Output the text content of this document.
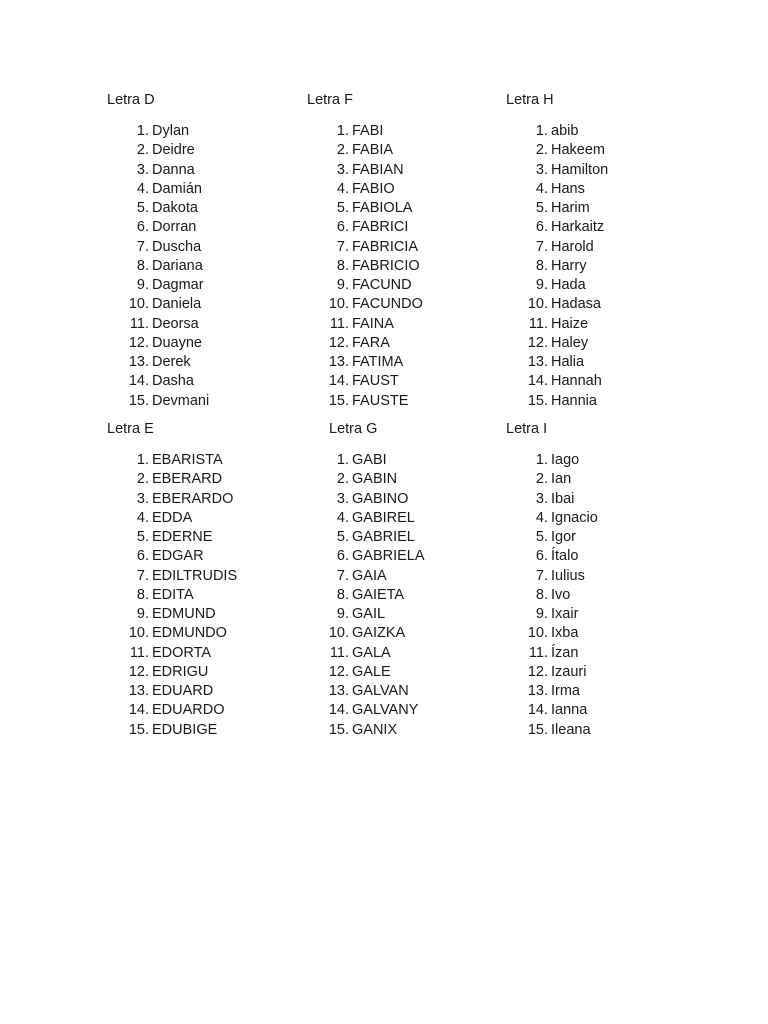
Letra D
1. Dylan
2. Deidre
3. Danna
4. Damián
5. Dakota
6. Dorran
7. Duscha
8. Dariana
9. Dagmar
10. Daniela
11. Deorsa
12. Duayne
13. Derek
14. Dasha
15. Devmani
Letra F
1. FABI
2. FABIA
3. FABIAN
4. FABIO
5. FABIOLA
6. FABRICI
7. FABRICIA
8. FABRICIO
9. FACUND
10. FACUNDO
11. FAINA
12. FARA
13. FATIMA
14. FAUST
15. FAUSTE
Letra H
1. abib
2. Hakeem
3. Hamilton
4. Hans
5. Harim
6. Harkaitz
7. Harold
8. Harry
9. Hada
10. Hadasa
11. Haize
12. Haley
13. Halia
14. Hannah
15. Hannia
Letra E
1. EBARISTA
2. EBERARD
3. EBERARDO
4. EDDA
5. EDERNE
6. EDGAR
7. EDILTRUDIS
8. EDITA
9. EDMUND
10. EDMUNDO
11. EDORTA
12. EDRIGU
13. EDUARD
14. EDUARDO
15. EDUBIGE
Letra G
1. GABI
2. GABIN
3. GABINO
4. GABIREL
5. GABRIEL
6. GABRIELA
7. GAIA
8. GAIETA
9. GAIL
10. GAIZKA
11. GALA
12. GALE
13. GALVAN
14. GALVANY
15. GANIX
Letra I
1. Iago
2. Ian
3. Ibai
4. Ignacio
5. Igor
6. Ítalo
7. Iulius
8. Ivo
9. Ixair
10. Ixba
11. Ízan
12. Izauri
13. Irma
14. Ianna
15. Ileana
